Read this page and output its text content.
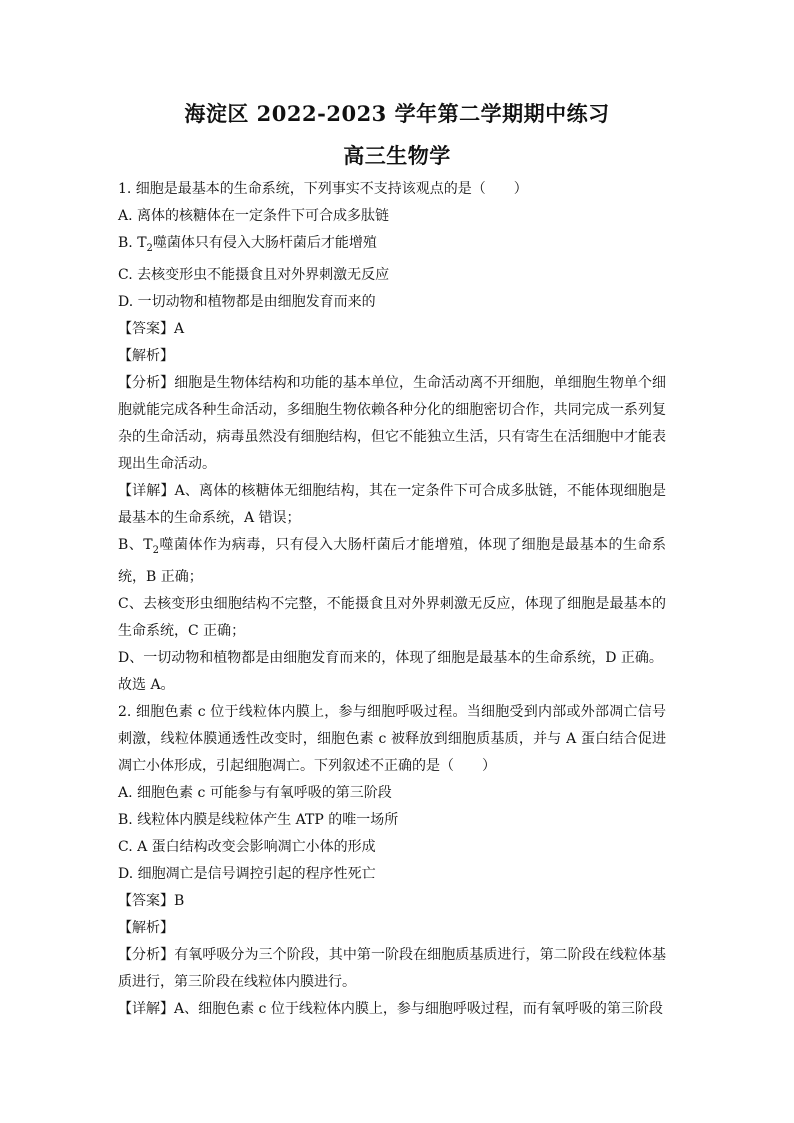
海淀区 2022-2023 学年第二学期期中练习
高三生物学

1. 细胞是最基本的生命系统，下列事实不支持该观点的是（　　）

A. 离体的核糖体在一定条件下可合成多肽链

B. $T_2$噬菌体只有侵入大肠杆菌后才能增殖

C. 去核变形虫不能摄食且对外界刺激无反应

D. 一切动物和植物都是由细胞发育而来的

【答案】A

【解析】

【分析】细胞是生物体结构和功能的基本单位，生命活动离不开细胞，单细胞生物单个细胞就能完成各种生命活动，多细胞生物依赖各种分化的细胞密切合作，共同完成一系列复杂的生命活动，病毒虽然没有细胞结构，但它不能独立生活，只有寄生在活细胞中才能表现出生命活动。

【详解】A、离体的核糖体无细胞结构，其在一定条件下可合成多肽链，不能体现细胞是最基本的生命系统，A 错误；

B、$T_2$噬菌体作为病毒，只有侵入大肠杆菌后才能增殖，体现了细胞是最基本的生命系统，B 正确；

C、去核变形虫细胞结构不完整，不能摄食且对外界刺激无反应，体现了细胞是最基本的生命系统，C 正确；

D、一切动物和植物都是由细胞发育而来的，体现了细胞是最基本的生命系统，D 正确。

故选 A。

2. 细胞色素 c 位于线粒体内膜上，参与细胞呼吸过程。当细胞受到内部或外部凋亡信号刺激，线粒体膜通透性改变时，细胞色素 c 被释放到细胞质基质，并与 A 蛋白结合促进凋亡小体形成，引起细胞凋亡。下列叙述不正确的是（　　）

A. 细胞色素 c 可能参与有氧呼吸的第三阶段

B. 线粒体内膜是线粒体产生 ATP 的唯一场所

C. A 蛋白结构改变会影响凋亡小体的形成

D. 细胞凋亡是信号调控引起的程序性死亡

【答案】B

【解析】

【分析】有氧呼吸分为三个阶段，其中第一阶段在细胞质基质进行，第二阶段在线粒体基质进行，第三阶段在线粒体内膜进行。

【详解】A、细胞色素 c 位于线粒体内膜上，参与细胞呼吸过程，而有氧呼吸的第三阶段
